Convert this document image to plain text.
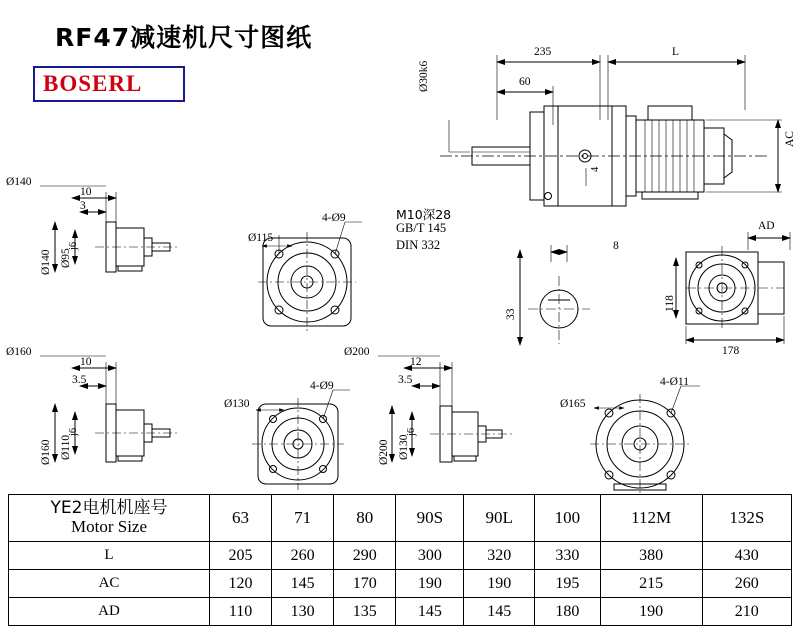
RF47减速机尺寸图纸
BOSERL
235	L
60
Ø30k6
M10深28
GB/T 145
DIN 332
AC
AD
4
8
33
118
178
Ø140
10
3
Ø140 Ø95
j6
4-Ø9
Ø115
Ø160
10
3.5
Ø160 Ø110
j6
4-Ø9
Ø130
Ø200
12
3.5
Ø200 Ø130
j6
4-Ø11
Ø165
YE2电机机座号
Motor Size	63	71	80	90S	90L	100	112M	132S
L	205	260	290	300	320	330	380	430
AC	120	145	170	190	190	195	215	260
AD	110	130	135	145	145	180	190	210
